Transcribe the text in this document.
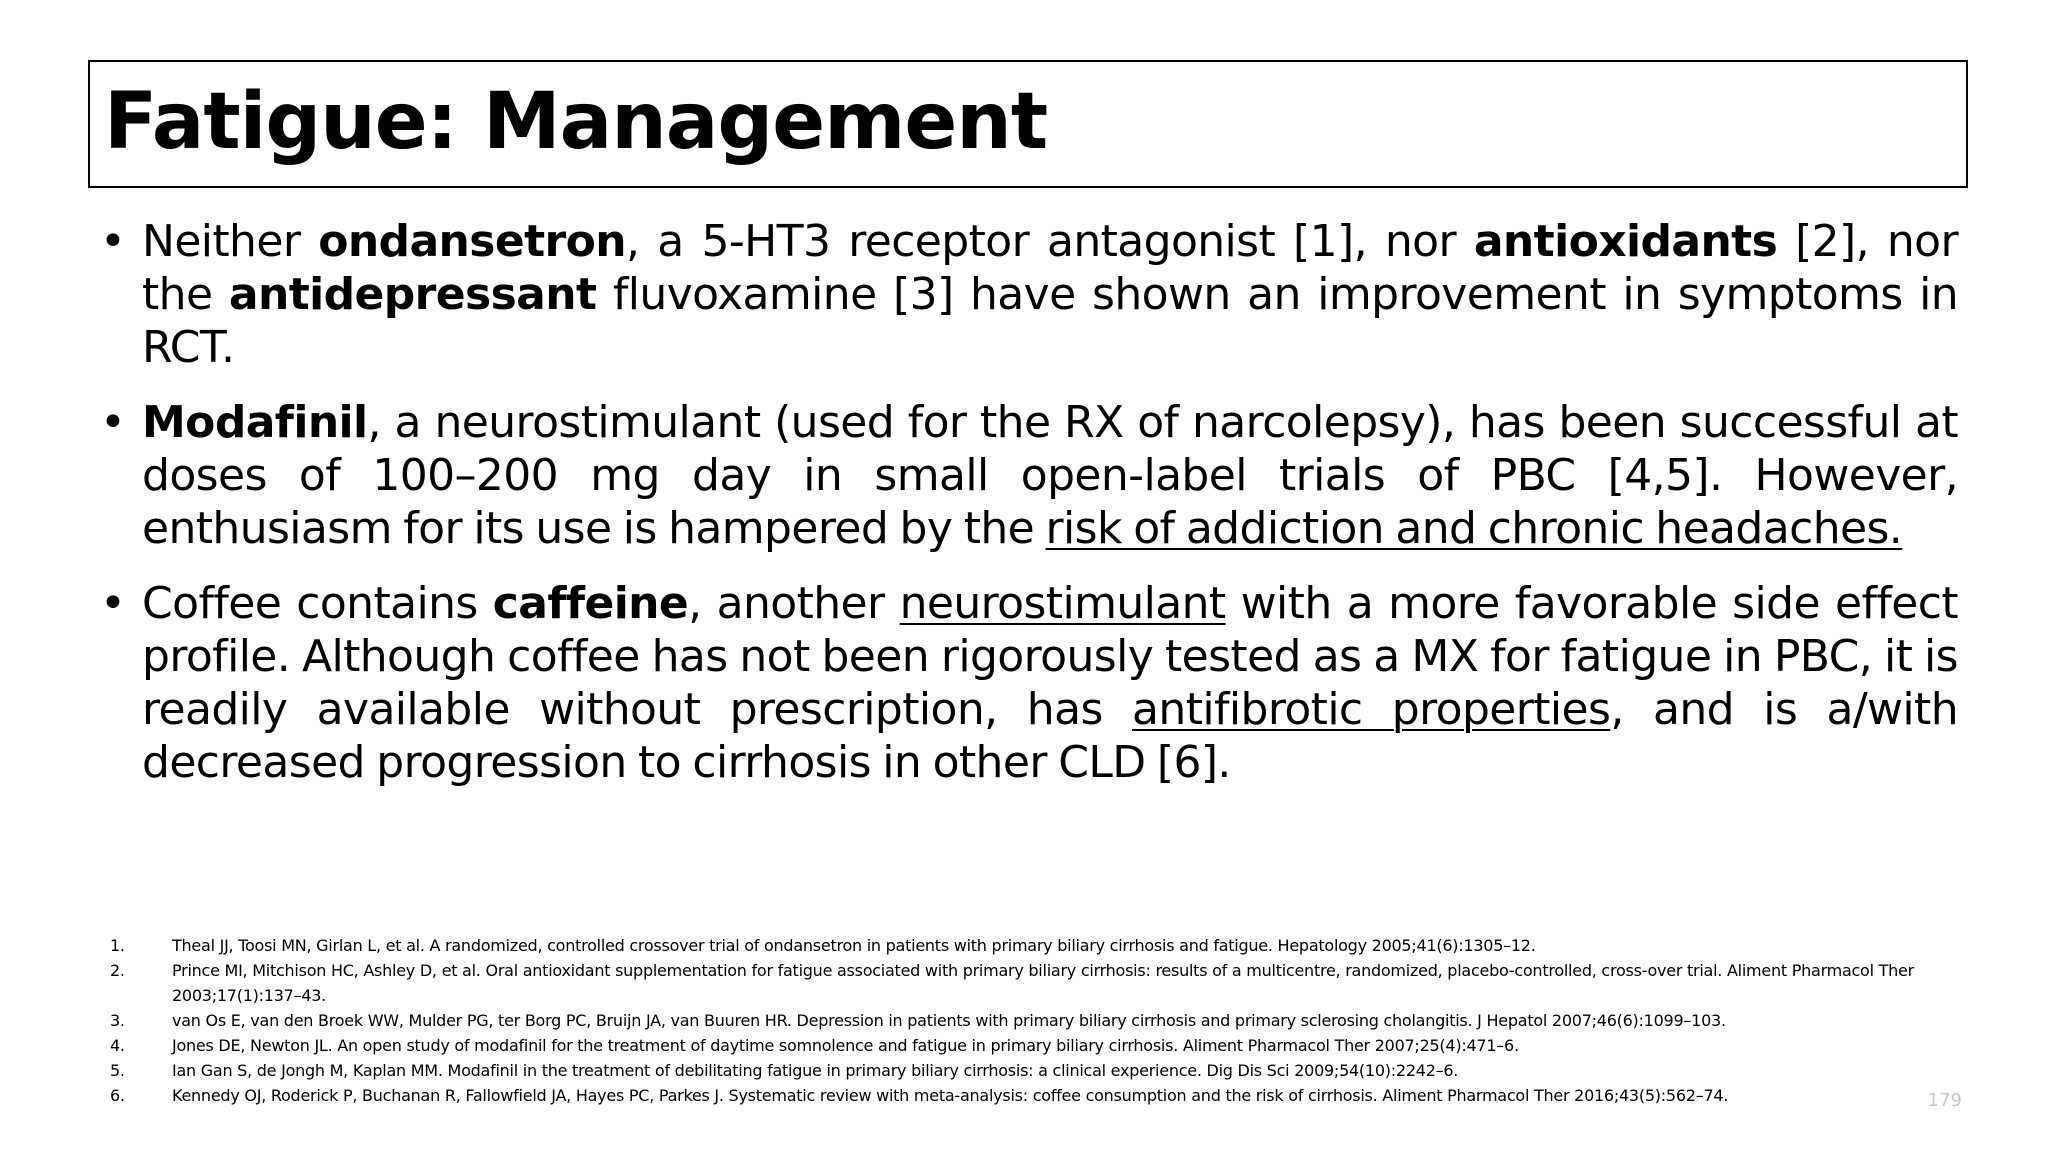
Fatigue: Management
• Neither ondansetron, a 5-HT3 receptor antagonist [1], nor antioxidants [2], nor the antidepressant fluvoxamine [3] have shown an improvement in symptoms in RCT.
• Modafinil, a neurostimulant (used for the RX of narcolepsy), has been successful at doses of 100–200 mg day in small open-label trials of PBC [4,5]. However, enthusiasm for its use is hampered by the risk of addiction and chronic headaches.
• Coffee contains caffeine, another neurostimulant with a more favorable side effect profile. Although coffee has not been rigorously tested as a MX for fatigue in PBC, it is readily available without prescription, has antifibrotic properties, and is a/with decreased progression to cirrhosis in other CLD [6].
1.	Theal JJ, Toosi MN, Girlan L, et al. A randomized, controlled crossover trial of ondansetron in patients with primary biliary cirrhosis and fatigue. Hepatology 2005;41(6):1305–12.
2.	Prince MI, Mitchison HC, Ashley D, et al. Oral antioxidant supplementation for fatigue associated with primary biliary cirrhosis: results of a multicentre, randomized, placebo-controlled, cross-over trial. Aliment Pharmacol Ther 2003;17(1):137–43.
3.	van Os E, van den Broek WW, Mulder PG, ter Borg PC, Bruijn JA, van Buuren HR. Depression in patients with primary biliary cirrhosis and primary sclerosing cholangitis. J Hepatol 2007;46(6):1099–103.
4.	Jones DE, Newton JL. An open study of modafinil for the treatment of daytime somnolence and fatigue in primary biliary cirrhosis. Aliment Pharmacol Ther 2007;25(4):471–6.
5.	Ian Gan S, de Jongh M, Kaplan MM. Modafinil in the treatment of debilitating fatigue in primary biliary cirrhosis: a clinical experience. Dig Dis Sci 2009;54(10):2242–6.
6.	Kennedy OJ, Roderick P, Buchanan R, Fallowfield JA, Hayes PC, Parkes J. Systematic review with meta-analysis: coffee consumption and the risk of cirrhosis. Aliment Pharmacol Ther 2016;43(5):562–74.	179
